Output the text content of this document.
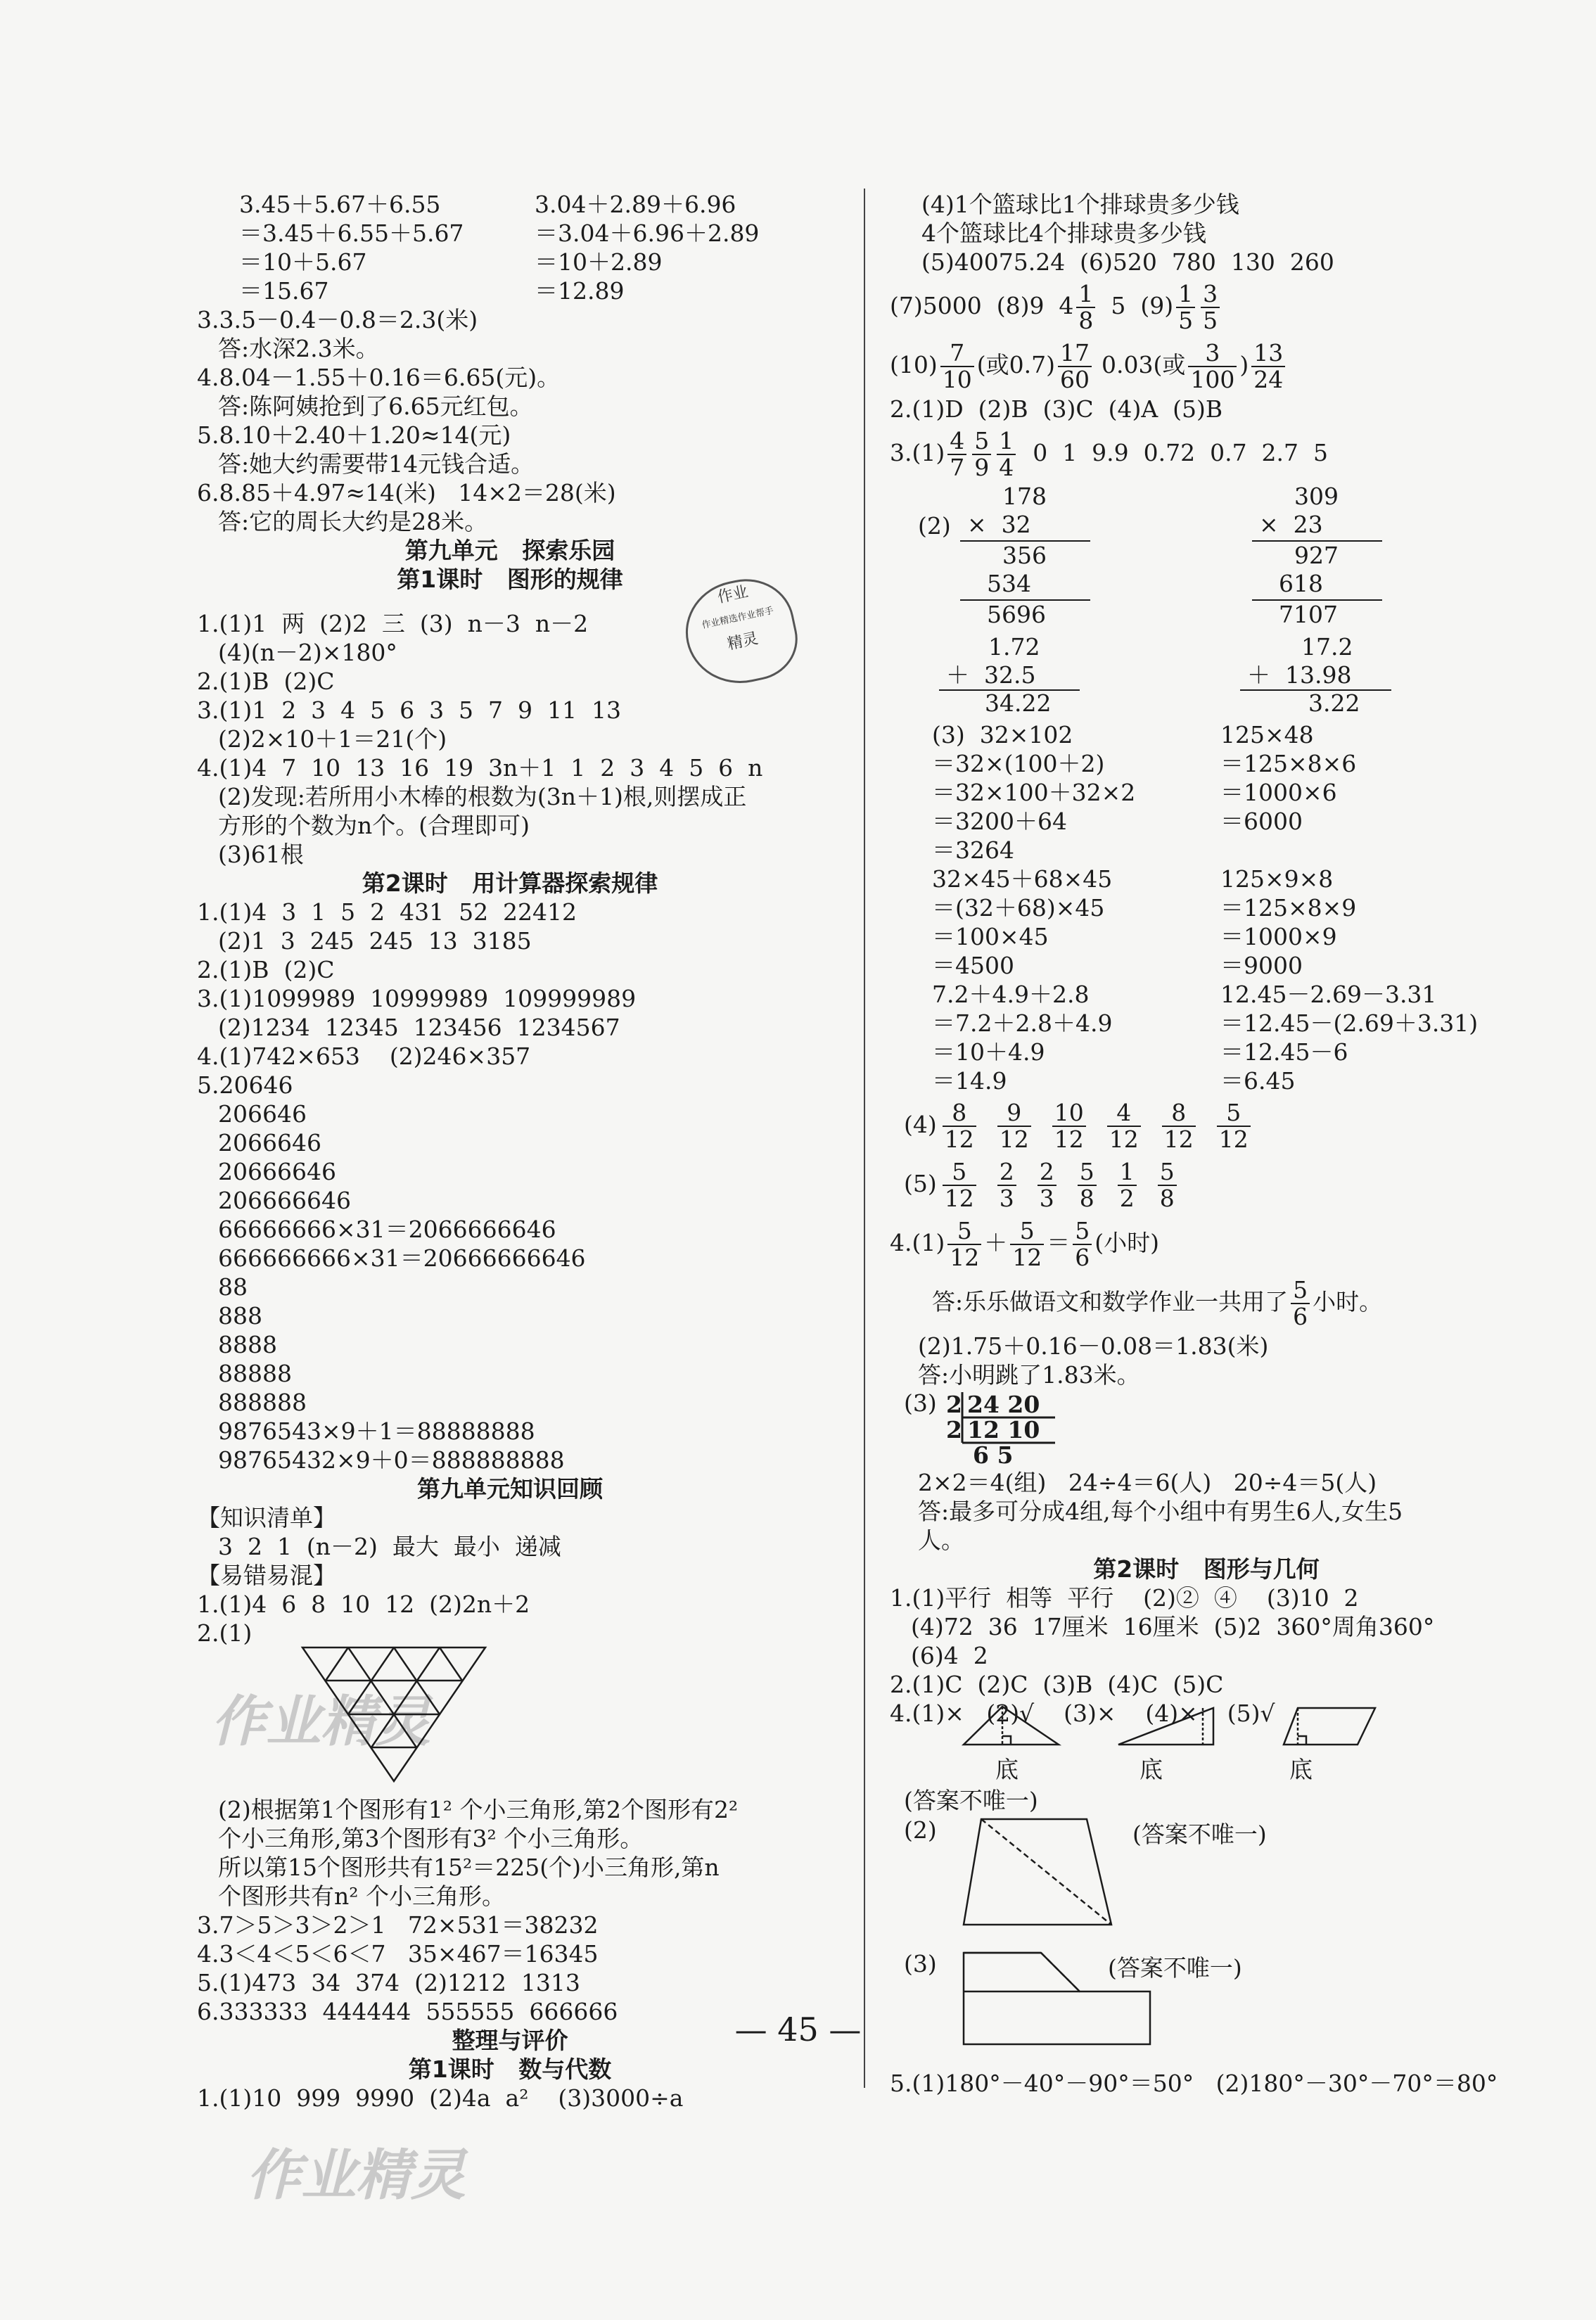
作业精灵
作业精灵
3.45＋5.67＋6.55	3.04＋2.89＋6.96
＝3.45＋6.55＋5.67	＝3.04＋6.96＋2.89
＝10＋5.67	＝10＋2.89
＝15.67	＝12.89
3.3.5－0.4－0.8＝2.3(米)
答:水深2.3米。
4.8.04－1.55＋0.16＝6.65(元)。
答:陈阿姨抢到了6.65元红包。
5.8.10＋2.40＋1.20≈14(元)
答:她大约需要带14元钱合适。
6.8.85＋4.97≈14(米)   14×2＝28(米)
答:它的周长大约是28米。
第九单元   探索乐园
第1课时   图形的规律
1.(1)1  两  (2)2  三  (3)  n－3  n－2
(4)(n－2)×180°
2.(1)B  (2)C
3.(1)1  2  3  4  5  6  3  5  7  9  11  13
(2)2×10＋1＝21(个)
4.(1)4  7  10  13  16  19  3n＋1  1  2  3  4  5  6  n
(2)发现:若所用小木棒的根数为(3n＋1)根,则摆成正
方形的个数为n个。(合理即可)
(3)61根
第2课时   用计算器探索规律
1.(1)4  3  1  5  2  431  52  22412
(2)1  3  245  245  13  3185
2.(1)B  (2)C
3.(1)1099989  10999989  109999989
(2)1234  12345  123456  1234567
4.(1)742×653    (2)246×357
5.20646
206646
2066646
20666646
206666646
66666666×31＝2066666646
666666666×31＝20666666646
88
888
8888
88888
888888
9876543×9＋1＝88888888
98765432×9＋0＝888888888
第九单元知识回顾
【知识清单】
3  2  1  (n－2)  最大  最小  递减
【易错易混】
1.(1)4  6  8  10  12  (2)2n＋2
2.(1)
(2)根据第1个图形有1² 个小三角形,第2个图形有2²
个小三角形,第3个图形有3² 个小三角形。
所以第15个图形共有15²＝225(个)小三角形,第n
个图形共有n² 个小三角形。
3.7＞5＞3＞2＞1   72×531＝38232
4.3＜4＜5＜6＜7   35×467＝16345
5.(1)473  34  374  (2)1212  1313
6.333333  444444  555555  666666
整理与评价
第1课时   数与代数
1.(1)10  999  9990  (2)4a  a²    (3)3000÷a
作业
作业精选作业帮手
精灵
(4)1个篮球比1个排球贵多少钱
4个篮球比4个排球贵多少钱
(5)40075.24  (6)520  780  130  260
(7)5000  (8)9  $4 \frac{1}{8} 5$  $(9) \frac{1}{5} \frac{3}{5}$
$(10) \frac{7}{10}$ (或$0.7) \frac{17}{60} 0.03$(或 $\frac{3}{100}$ ) $\frac{13}{24}$
2.(1)D  (2)B  (3)C  (4)A  (5)B
$3.(1) \frac{4}{7} \frac{5}{9} \frac{1}{4} 0$  1  9.9  0.72  0.7  2.7  5
(2)
178
×  32
356
534
5696
309
×  23
927
618
7107
1.72
＋  32.5
34.22
17.2
＋  13.98
3.22
(3)  32×102	125×48
＝32×(100＋2)	＝125×8×6
＝32×100＋32×2	＝1000×6
＝3200＋64	＝6000
＝3264
32×45＋68×45	125×9×8
＝(32＋68)×45	＝125×8×9
＝100×45	＝1000×9
＝4500	＝9000
7.2＋4.9＋2.8	12.45－2.69－3.31
＝7.2＋2.8＋4.9	＝12.45－(2.69＋3.31)
＝10＋4.9	＝12.45－6
＝14.9	＝6.45
$(4) \frac{8}{12} \frac{9}{12} \frac{10}{12} \frac{4}{12} \frac{8}{12} \frac{5}{12}$
$(5) \frac{5}{12} \frac{2}{3} \frac{2}{3} \frac{5}{8} \frac{1}{2} \frac{5}{8}$
$4.(1) \frac{5}{12} + \frac{5}{12} = \frac{5}{6}$ (小时)
答:乐乐做语文和数学作业一共用了 $\frac{5}{6}$ 小时。
(2)1.75＋0.16－0.08＝1.83(米)
答:小明跳了1.83米。
(3) 2 24 20
2 12 10
6 5
2×2＝4(组)   24÷4＝6(人)   20÷4＝5(人)
答:最多可分成4组,每个小组中有男生6人,女生5
人。
第2课时   图形与几何
1.(1)平行  相等  平行    (2)②  ④    (3)10  2
(4)72  36  17厘米  16厘米  (5)2  360°周角360°
(6)4  2
2.(1)C  (2)C  (3)B  (4)C  (5)C
4.(1)×   (2)√    (3)×    (4)×    (5)√
底	底	底
(答案不唯一)
(2)	(答案不唯一)
(3)	(答案不唯一)
5.(1)180°－40°－90°＝50°   (2)180°－30°－70°＝80°
— 45 —
